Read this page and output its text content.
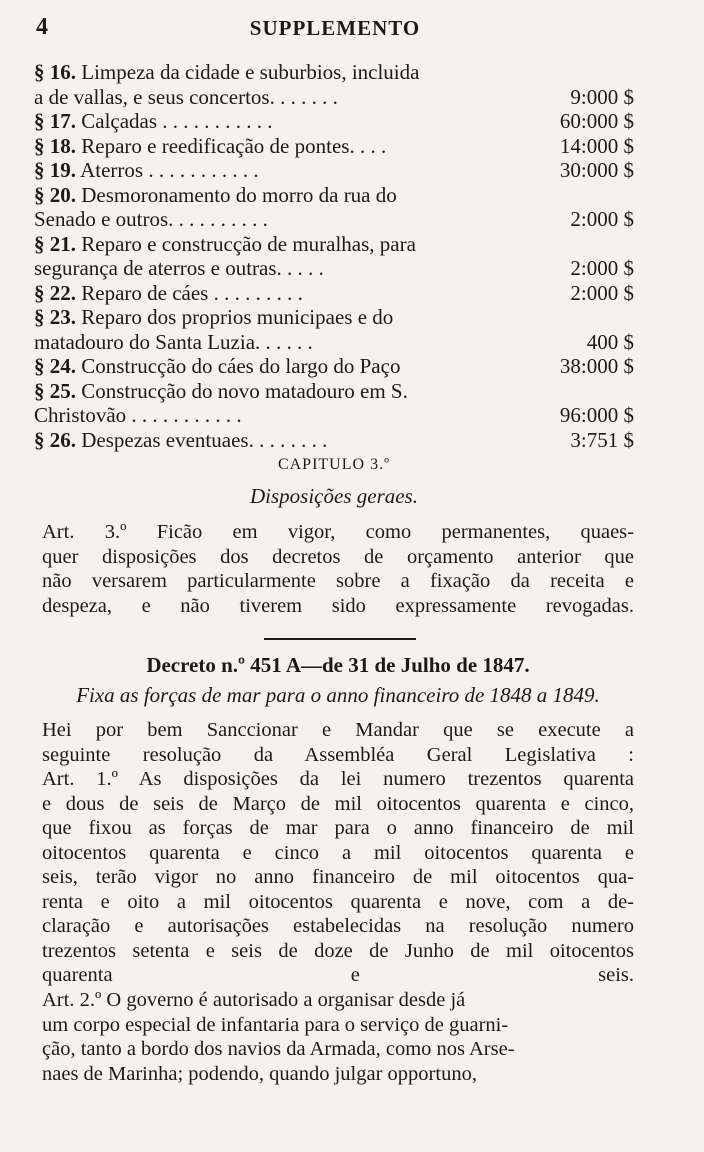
4	SUPPLEMENTO
§ 16. Limpeza da cidade e suburbios, incluida
a de vallas, e seus concertos. . . . . . .	9:000 $
§ 17. Calçadas . . . . . . . . . . .	60:000 $
§ 18. Reparo e reedificação de pontes. . . .	14:000 $
§ 19. Aterros . . . . . . . . . . .	30:000 $
§ 20. Desmoronamento do morro da rua do
Senado e outros. . . . . . . . . .	2:000 $
§ 21. Reparo e construcção de muralhas, para
segurança de aterros e outras. . . . .	2:000 $
§ 22. Reparo de cáes . . . . . . . . .	2:000 $
§ 23. Reparo dos proprios municipaes e do
matadouro do Santa Luzia. . . . . .	400 $
§ 24. Construcção do cáes do largo do Paço	38:000 $
§ 25. Construcção do novo matadouro em S.
Christovão . . . . . . . . . . .	96:000 $
§ 26. Despezas eventuaes. . . . . . . .	3:751 $
CAPITULO 3.º
Disposições geraes.
Art. 3.º Ficão em vigor, como permanentes, quaes-
quer disposições dos decretos de orçamento anterior que
não versarem particularmente sobre a fixação da receita e
despeza, e não tiverem sido expressamente revogadas.
Decreto n.º 451 A—de 31 de Julho de 1847.
Fixa as forças de mar para o anno financeiro de 1848 a 1849.
Hei por bem Sanccionar e Mandar que se execute a
seguinte resolução da Assembléa Geral Legislativa :
Art. 1.º As disposições da lei numero trezentos quarenta
e dous de seis de Março de mil oitocentos quarenta e cinco,
que fixou as forças de mar para o anno financeiro de mil
oitocentos quarenta e cinco a mil oitocentos quarenta e
seis, terão vigor no anno financeiro de mil oitocentos qua-
renta e oito a mil oitocentos quarenta e nove, com a de-
claração e autorisações estabelecidas na resolução numero
trezentos setenta e seis de doze de Junho de mil oitocentos
quarenta e seis.
Art. 2.º O governo é autorisado a organisar desde já
um corpo especial de infantaria para o serviço de guarni-
ção, tanto a bordo dos navios da Armada, como nos Arse-
naes de Marinha; podendo, quando julgar opportuno,
